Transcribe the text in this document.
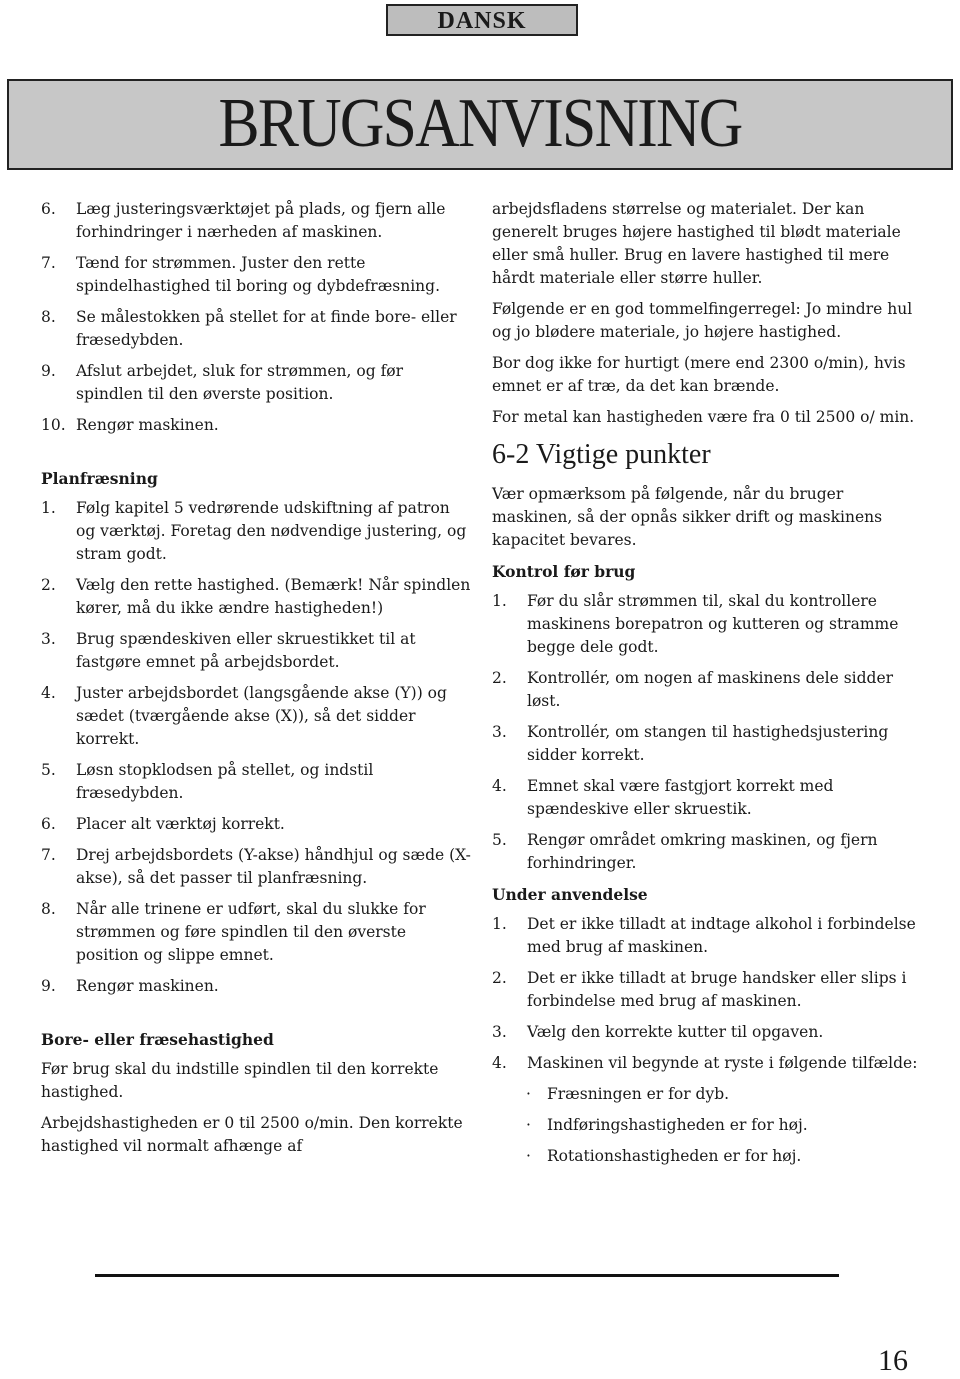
DANSK
BRUGSANVISNING
6. Læg justeringsværktøjet på plads, og fjern alle forhindringer i nærheden af maskinen.
7. Tænd for strømmen. Juster den rette spindelhastighed til boring og dybdefræsning.
8. Se målestokken på stellet for at finde bore- eller fræsedybden.
9. Afslut arbejdet, sluk for strømmen, og før spindlen til den øverste position.
10. Rengør maskinen.
Planfræsning
1. Følg kapitel 5 vedrørende udskiftning af patron og værktøj. Foretag den nødvendige justering, og stram godt.
2. Vælg den rette hastighed. (Bemærk! Når spindlen kører, må du ikke ændre hastigheden!)
3. Brug spændeskiven eller skruestikket til at fastgøre emnet på arbejdsbordet.
4. Juster arbejdsbordet (langsgående akse (Y)) og sædet (tværgående akse (X)), så det sidder korrekt.
5. Løsn stopklodsen på stellet, og indstil fræsedybden.
6. Placer alt værktøj korrekt.
7. Drej arbejdsbordets (Y-akse) håndhjul og sæde (X-akse), så det passer til planfræsning.
8. Når alle trinene er udført, skal du slukke for strømmen og føre spindlen til den øverste position og slippe emnet.
9. Rengør maskinen.
Bore- eller fræsehastighed
Før brug skal du indstille spindlen til den korrekte hastighed.
Arbejdshastigheden er 0 til 2500 o/min. Den korrekte hastighed vil normalt afhænge af
arbejdsfladens størrelse og materialet. Der kan generelt bruges højere hastighed til blødt materiale eller små huller. Brug en lavere hastighed til mere hårdt materiale eller større huller.
Følgende er en god tommelfingerregel: Jo mindre hul og jo blødere materiale, jo højere hastighed.
Bor dog ikke for hurtigt (mere end 2300 o/min), hvis emnet er af træ, da det kan brænde.
For metal kan hastigheden være fra 0 til 2500 o/ min.
6-2 Vigtige punkter
Vær opmærksom på følgende, når du bruger maskinen, så der opnås sikker drift og maskinens kapacitet bevares.
Kontrol før brug
1. Før du slår strømmen til, skal du kontrollere maskinens borepatron og kutteren og stramme begge dele godt.
2. Kontrollér, om nogen af maskinens dele sidder løst.
3. Kontrollér, om stangen til hastighedsjustering sidder korrekt.
4. Emnet skal være fastgjort korrekt med spændeskive eller skruestik.
5. Rengør området omkring maskinen, og fjern forhindringer.
Under anvendelse
1. Det er ikke tilladt at indtage alkohol i forbindelse med brug af maskinen.
2. Det er ikke tilladt at bruge handsker eller slips i forbindelse med brug af maskinen.
3. Vælg den korrekte kutter til opgaven.
4. Maskinen vil begynde at ryste i følgende tilfælde:
· Fræsningen er for dyb.
· Indføringshastigheden er for høj.
· Rotationshastigheden er for høj.
16
